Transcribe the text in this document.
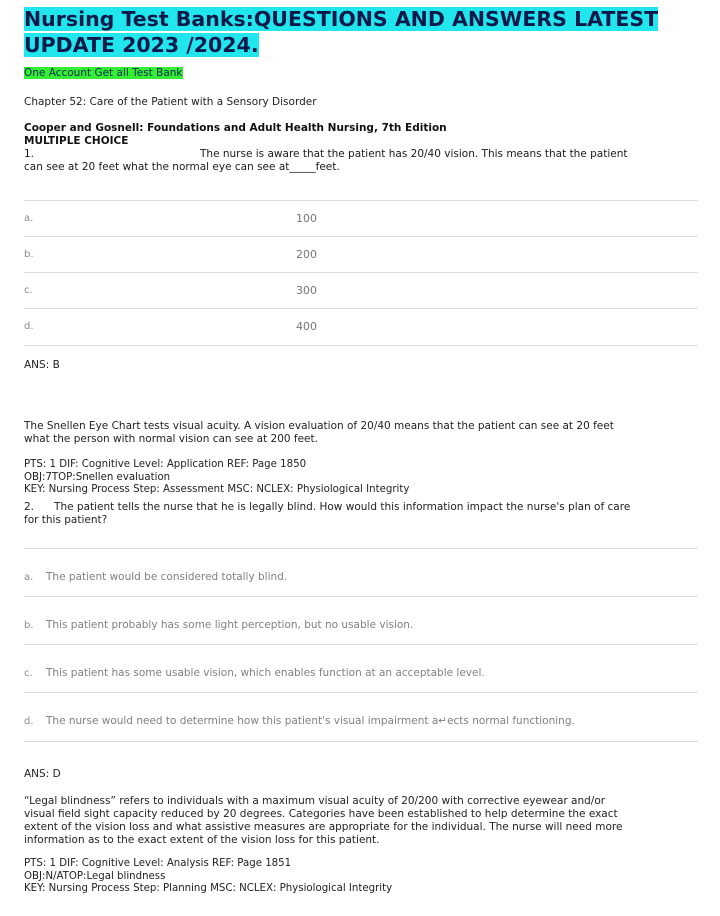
Nursing Test Banks:QUESTIONS AND ANSWERS LATEST UPDATE 2023 /2024.
One Account Get all Test Bank
Chapter 52: Care of the Patient with a Sensory Disorder
Cooper and Gosnell: Foundations and Adult Health Nursing, 7th Edition
MULTIPLE CHOICE
1.	The nurse is aware that the patient has 20/40 vision. This means that the patient
can see at 20 feet what the normal eye can see at_____feet.
a.	100
b.	200
c.	300
d.	400
ANS: B
The Snellen Eye Chart tests visual acuity. A vision evaluation of 20/40 means that the patient can see at 20 feet
what the person with normal vision can see at 200 feet.
PTS: 1 DIF: Cognitive Level: Application REF: Page 1850
OBJ:7TOP:Snellen evaluation
KEY: Nursing Process Step: Assessment MSC: NCLEX: Physiological Integrity
2.      The patient tells the nurse that he is legally blind. How would this information impact the nurse's plan of care
for this patient?
a. The patient would be considered totally blind.
b. This patient probably has some light perception, but no usable vision.
c. This patient has some usable vision, which enables function at an acceptable level.
d. The nurse would need to determine how this patient's visual impairment a↵ects normal functioning.
ANS: D
“Legal blindness” refers to individuals with a maximum visual acuity of 20/200 with corrective eyewear and/or
visual field sight capacity reduced by 20 degrees. Categories have been established to help determine the exact
extent of the vision loss and what assistive measures are appropriate for the individual. The nurse will need more
information as to the exact extent of the vision loss for this patient.
PTS: 1 DIF: Cognitive Level: Analysis REF: Page 1851
OBJ:N/ATOP:Legal blindness
KEY: Nursing Process Step: Planning MSC: NCLEX: Physiological Integrity
